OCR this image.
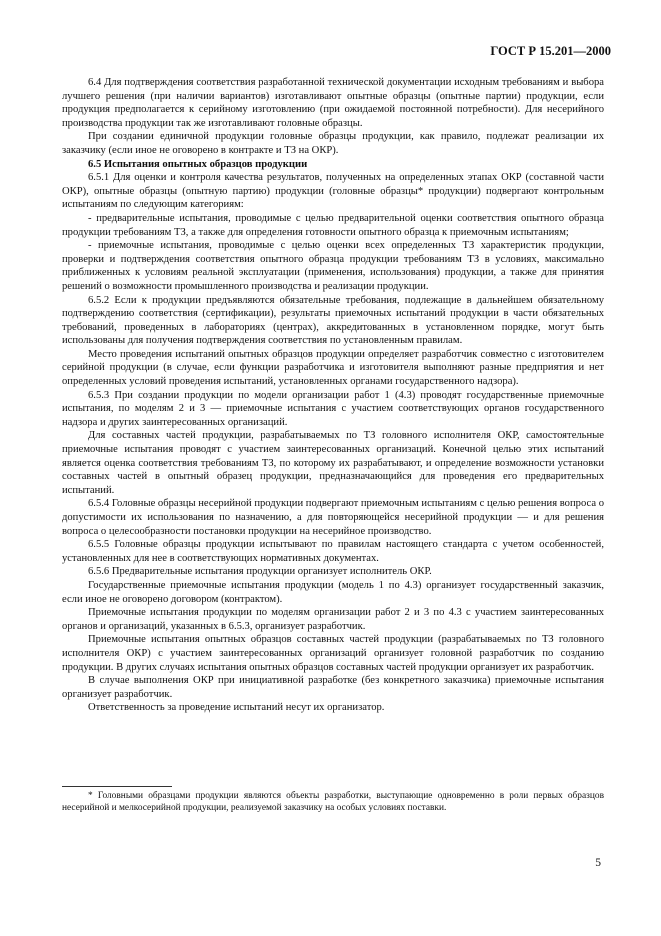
ГОСТ Р 15.201—2000

6.4 Для подтверждения соответствия разработанной технической документации исходным требованиям и выбора лучшего решения (при наличии вариантов) изготавливают опытные образцы (опытные партии) продукции, если продукция предполагается к серийному изготовлению (при ожидаемой постоянной потребности). Для несерийного производства продукции так же изготавливают головные образцы.

При создании единичной продукции головные образцы продукции, как правило, подлежат реализации их заказчику (если иное не оговорено в контракте и ТЗ на ОКР).

6.5 Испытания опытных образцов продукции

6.5.1 Для оценки и контроля качества результатов, полученных на определенных этапах ОКР (составной части ОКР), опытные образцы (опытную партию) продукции (головные образцы* продукции) подвергают контрольным испытаниям по следующим категориям:

- предварительные испытания, проводимые с целью предварительной оценки соответствия опытного образца продукции требованиям ТЗ, а также для определения готовности опытного образца к приемочным испытаниям;

- приемочные испытания, проводимые с целью оценки всех определенных ТЗ характеристик продукции, проверки и подтверждения соответствия опытного образца продукции требованиям ТЗ в условиях, максимально приближенных к условиям реальной эксплуатации (применения, использования) продукции, а также для принятия решений о возможности промышленного производства и реализации продукции.

6.5.2 Если к продукции предъявляются обязательные требования, подлежащие в дальнейшем обязательному подтверждению соответствия (сертификации), результаты приемочных испытаний продукции в части обязательных требований, проведенных в лабораториях (центрах), аккредитованных в установленном порядке, могут быть использованы для получения подтверждения соответствия по установленным правилам.

Место проведения испытаний опытных образцов продукции определяет разработчик совместно с изготовителем серийной продукции (в случае, если функции разработчика и изготовителя выполняют разные предприятия и нет определенных условий проведения испытаний, установленных органами государственного надзора).

6.5.3 При создании продукции по модели организации работ 1 (4.3) проводят государственные приемочные испытания, по моделям 2 и 3 — приемочные испытания с участием соответствующих органов государственного надзора и других заинтересованных организаций.

Для составных частей продукции, разрабатываемых по ТЗ головного исполнителя ОКР, самостоятельные приемочные испытания проводят с участием заинтересованных организаций. Конечной целью этих испытаний является оценка соответствия требованиям ТЗ, по которому их разрабатывают, и определение возможности установки составных частей в опытный образец продукции, предназначающийся для проведения его предварительных испытаний.

6.5.4 Головные образцы несерийной продукции подвергают приемочным испытаниям с целью решения вопроса о допустимости их использования по назначению, а для повторяющейся несерийной продукции — и для решения вопроса о целесообразности постановки продукции на несерийное производство.

6.5.5 Головные образцы продукции испытывают по правилам настоящего стандарта с учетом особенностей, установленных для нее в соответствующих нормативных документах.

6.5.6 Предварительные испытания продукции организует исполнитель ОКР.

Государственные приемочные испытания продукции (модель 1 по 4.3) организует государственный заказчик, если иное не оговорено договором (контрактом).

Приемочные испытания продукции по моделям организации работ 2 и 3 по 4.3 с участием заинтересованных органов и организаций, указанных в 6.5.3, организует разработчик.

Приемочные испытания опытных образцов составных частей продукции (разрабатываемых по ТЗ головного исполнителя ОКР) с участием заинтересованных организаций организует головной разработчик по созданию продукции. В других случаях испытания опытных образцов составных частей продукции организует их разработчик.

В случае выполнения ОКР при инициативной разработке (без конкретного заказчика) приемочные испытания организует разработчик.

Ответственность за проведение испытаний несут их организатор.

* Головными образцами продукции являются объекты разработки, выступающие одновременно в роли первых образцов несерийной и мелкосерийной продукции, реализуемой заказчику на особых условиях поставки.

5
